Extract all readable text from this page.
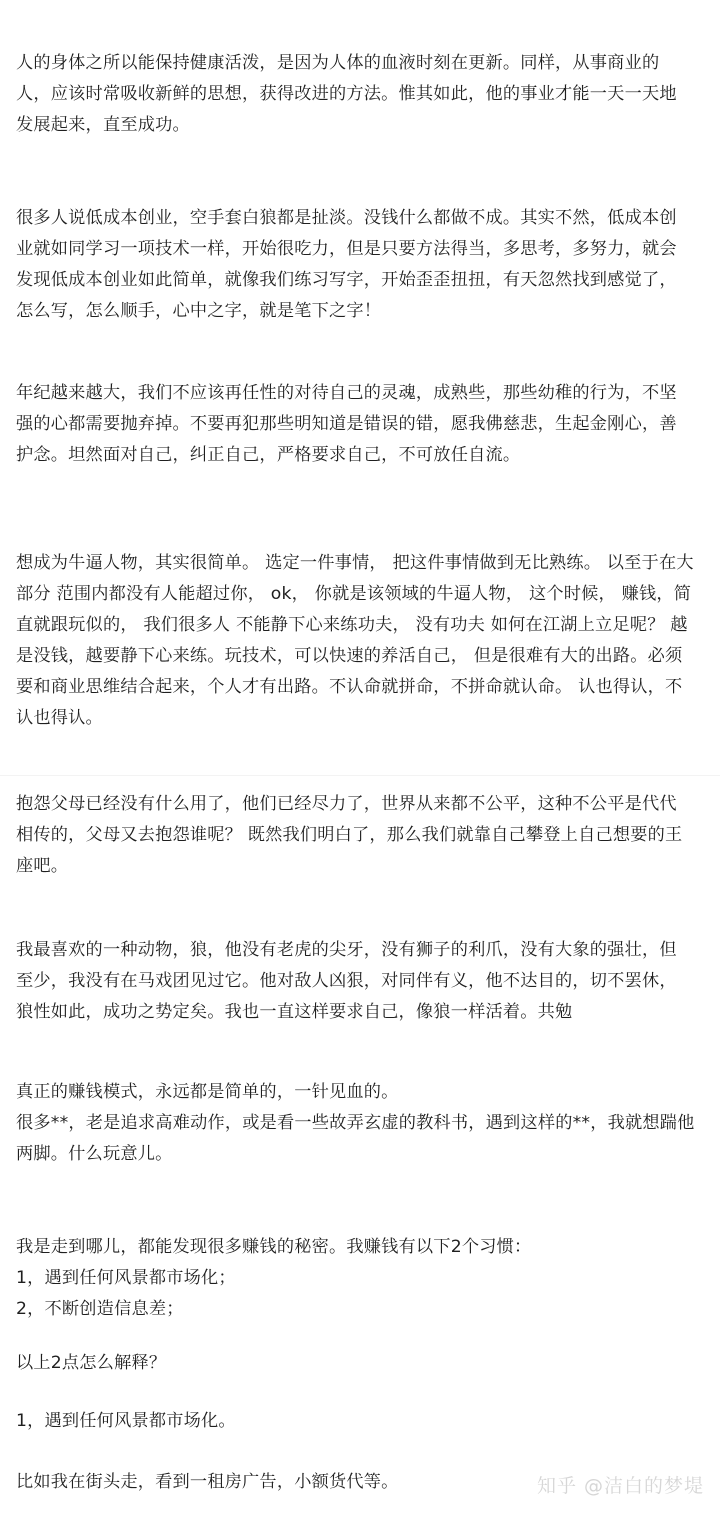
人的身体之所以能保持健康活泼，是因为人体的血液时刻在更新。同样，从事商业的
人，应该时常吸收新鲜的思想，获得改进的方法。惟其如此，他的事业才能一天一天地
发展起来，直至成功。
很多人说低成本创业，空手套白狼都是扯淡。没钱什么都做不成。其实不然，低成本创
业就如同学习一项技术一样，开始很吃力，但是只要方法得当，多思考，多努力，就会
发现低成本创业如此简单，就像我们练习写字，开始歪歪扭扭，有天忽然找到感觉了，
怎么写，怎么顺手，心中之字，就是笔下之字！
年纪越来越大，我们不应该再任性的对待自己的灵魂，成熟些，那些幼稚的行为，不坚
强的心都需要抛弃掉。不要再犯那些明知道是错误的错，愿我佛慈悲，生起金刚心，善
护念。坦然面对自己，纠正自己，严格要求自己，不可放任自流。
想成为牛逼人物，其实很简单。 选定一件事情， 把这件事情做到无比熟练。 以至于在大
部分 范围内都没有人能超过你， ok， 你就是该领域的牛逼人物， 这个时候， 赚钱，简
直就跟玩似的， 我们很多人 不能静下心来练功夫， 没有功夫 如何在江湖上立足呢？ 越
是没钱，越要静下心来练。玩技术，可以快速的养活自己， 但是很难有大的出路。必须
要和商业思维结合起来，个人才有出路。不认命就拼命，不拼命就认命。 认也得认，不
认也得认。
抱怨父母已经没有什么用了，他们已经尽力了，世界从来都不公平，这种不公平是代代
相传的，父母又去抱怨谁呢？ 既然我们明白了，那么我们就靠自己攀登上自己想要的王
座吧。
我最喜欢的一种动物，狼，他没有老虎的尖牙，没有狮子的利爪，没有大象的强壮，但
至少，我没有在马戏团见过它。他对敌人凶狠，对同伴有义，他不达目的，切不罢休，
狼性如此，成功之势定矣。我也一直这样要求自己，像狼一样活着。共勉
真正的赚钱模式，永远都是简单的，一针见血的。
很多**，老是追求高难动作，或是看一些故弄玄虚的教科书，遇到这样的**，我就想踹他
两脚。什么玩意儿。
我是走到哪儿，都能发现很多赚钱的秘密。我赚钱有以下2个习惯：
1，遇到任何风景都市场化；
2，不断创造信息差；
以上2点怎么解释？
1，遇到任何风景都市场化。
比如我在街头走，看到一租房广告，小额货代等。	知乎 @洁白的梦堤
